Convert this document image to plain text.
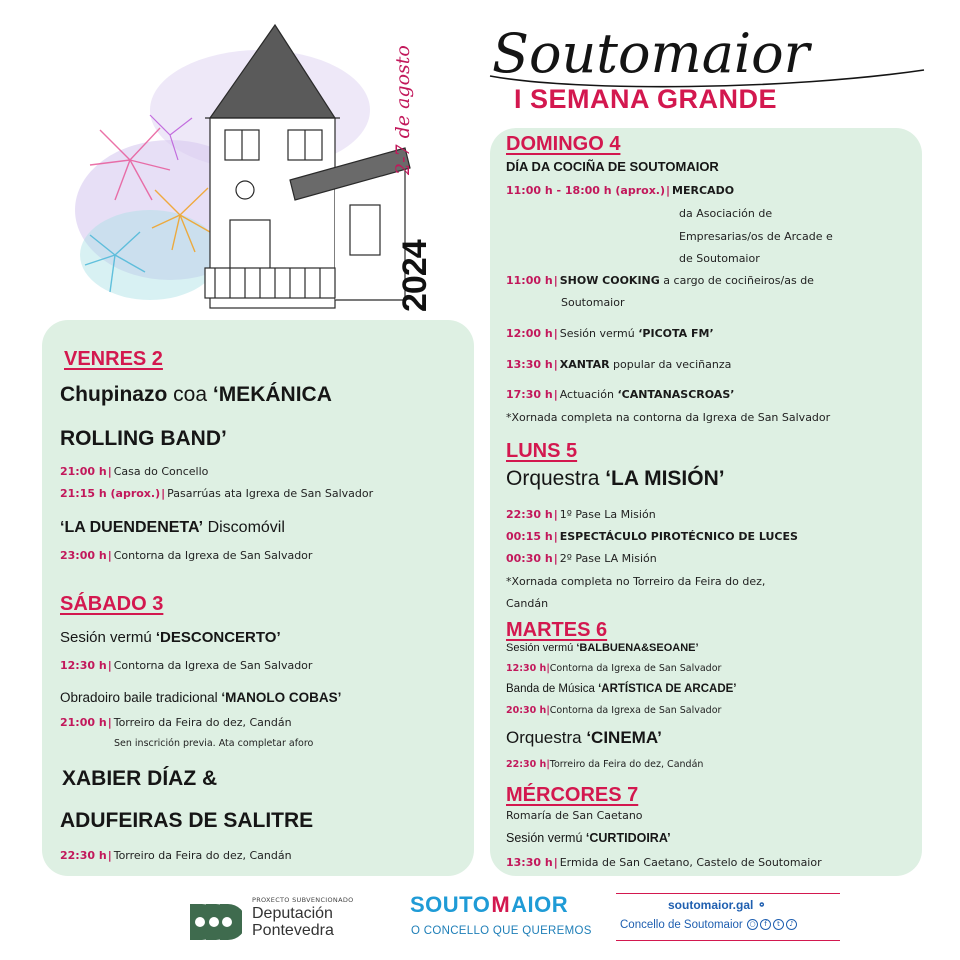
Soutomaior
I SEMANA GRANDE
2-7 de agosto
2024
VENRES 2
Chupinazo coa ‘MEKÁNICA
ROLLING BAND’
21:00 h| Casa do Concello
21:15 h (aprox.)| Pasarrúas ata Igrexa de San Salvador
‘LA DUENDENETA’ Discomóvil
23:00 h| Contorna da Igrexa de San Salvador
SÁBADO 3
Sesión vermú ‘DESCONCERTO’
12:30 h| Contorna da Igrexa de San Salvador
Obradoiro baile tradicional ‘MANOLO COBAS’
21:00 h| Torreiro da Feira do dez, Candán
Sen inscrición previa. Ata completar aforo
XABIER DÍAZ &
ADUFEIRAS DE SALITRE
22:30 h| Torreiro da Feira do dez, Candán
DOMINGO 4
DÍA DA COCIÑA DE SOUTOMAIOR
11:00 h - 18:00 h (aprox.)| MERCADO
da Asociación de
Empresarias/os de Arcade e
de Soutomaior
11:00 h| SHOW COOKING a cargo de cociñeiros/as de
Soutomaior
12:00 h| Sesión vermú ‘PICOTA FM’
13:30 h| XANTAR popular da veciñanza
17:30 h| Actuación ‘CANTANASCROAS’
*Xornada completa na contorna da Igrexa de San Salvador
LUNS 5
Orquestra ‘LA MISIÓN’
22:30 h| 1º Pase La Misión
00:15 h| ESPECTÁCULO PIROTÉCNICO DE LUCES
00:30 h| 2º Pase LA Misión
*Xornada completa no Torreiro da Feira do dez,
Candán
MARTES 6
Sesión vermú ‘BALBUENA&SEOANE’
12:30 h|Contorna da Igrexa de San Salvador
Banda de Música ‘ARTÍSTICA DE ARCADE’
20:30 h|Contorna da Igrexa de San Salvador
Orquestra ‘CINEMA’
22:30 h|Torreiro da Feira do dez, Candán
MÉRCORES 7
Romaría de San Caetano
Sesión vermú ‘CURTIDOIRA’
13:30 h| Ermida de San Caetano, Castelo de Soutomaior
PROXECTO SUBVENCIONADO
Deputación
Pontevedra
SOUTOMAIOR
O CONCELLO QUE QUEREMOS
soutomaior.gal ⚬
Concello de Soutomaior ○	f	t	♪
